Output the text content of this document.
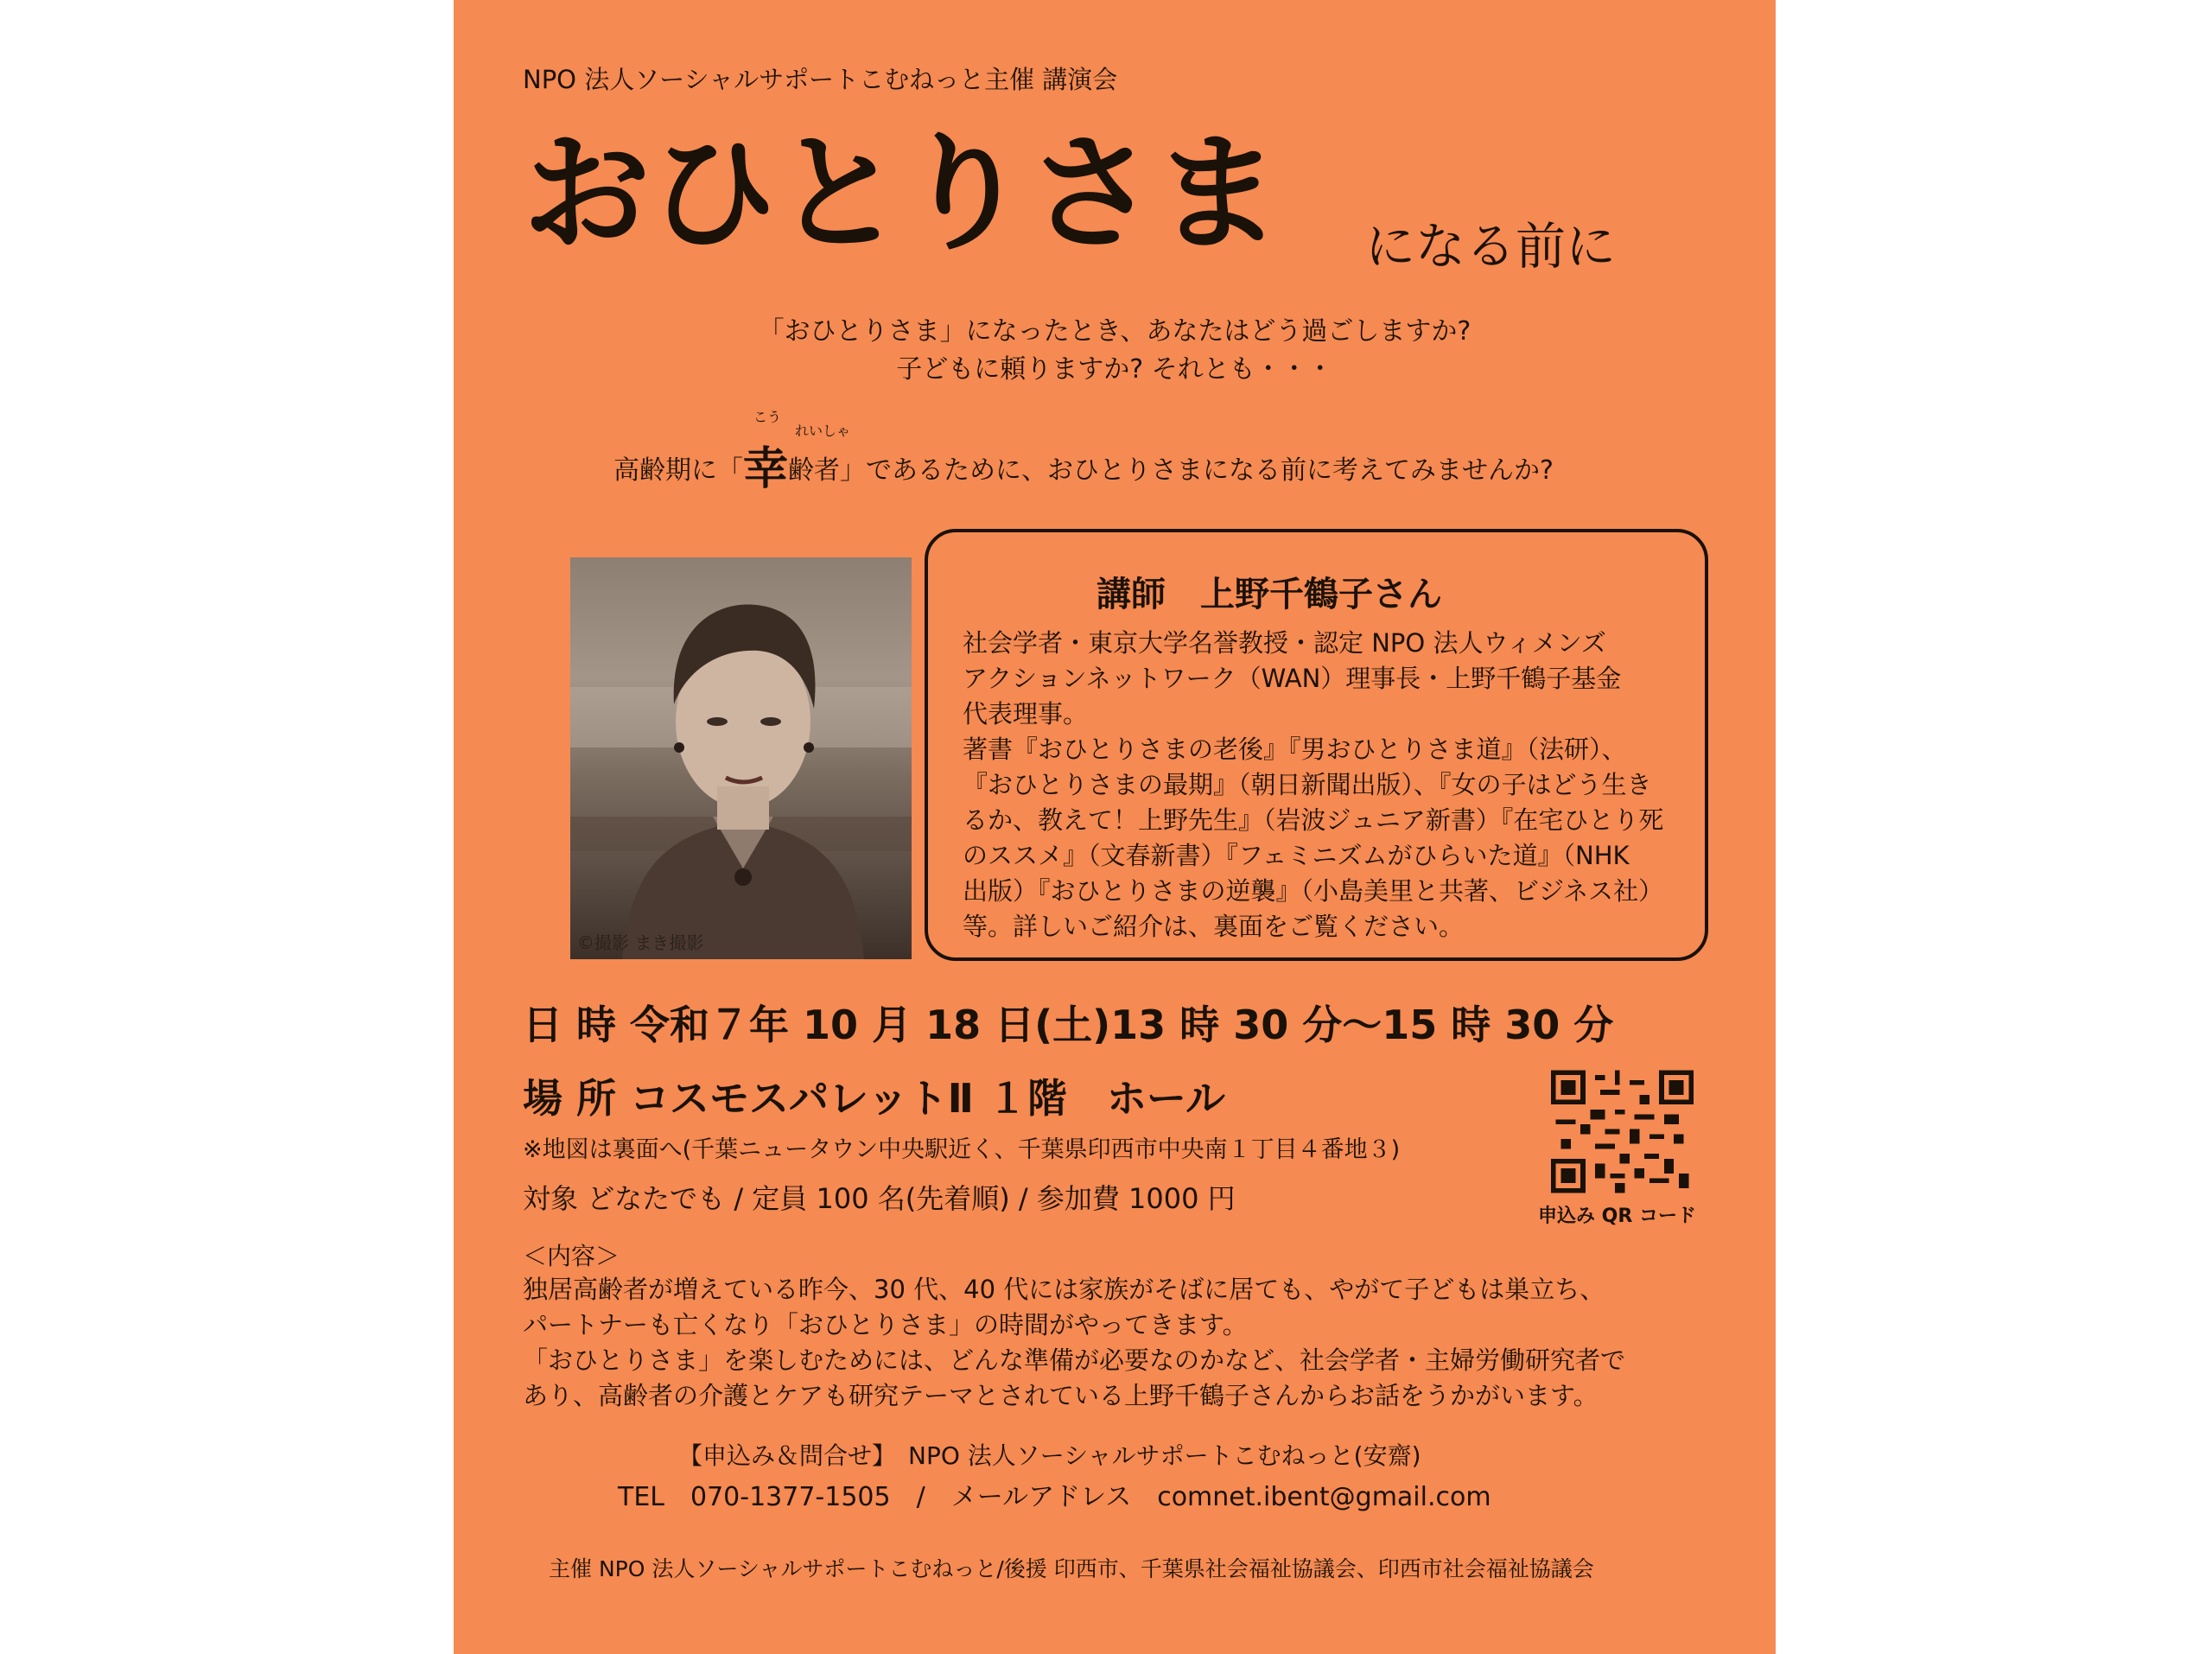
NPO 法人ソーシャルサポートこむねっと主催 講演会
おひとりさま になる前に
「おひとりさま」になったとき、あなたはどう過ごしますか?
子どもに頼りますか? それとも・・・
高齢期に「
こう
れいしゃ
幸齢者」であるために、おひとりさまになる前に考えてみませんか?
©撮影 まき撮影
講師　上野千鶴子さん
社会学者・東京大学名誉教授・認定 NPO 法人ウィメンズ
アクションネットワーク（WAN）理事長・上野千鶴子基金
代表理事。
著書『おひとりさまの老後』『男おひとりさま道』（法研）、
『おひとりさまの最期』（朝日新聞出版）、『女の子はどう生き
るか、教えて！上野先生』（岩波ジュニア新書）『在宅ひとり死
のススメ』（文春新書）『フェミニズムがひらいた道』（NHK
出版）『おひとりさまの逆襲』（小島美里と共著、ビジネス社）
等。詳しいご紹介は、裏面をご覧ください。
日 時 令和７年 10 月 18 日(土)13 時 30 分～15 時 30 分
場 所 コスモスパレットⅡ １階　ホール
※地図は裏面へ(千葉ニュータウン中央駅近く、千葉県印西市中央南１丁目４番地３)
対象 どなたでも / 定員 100 名(先着順) / 参加費 1000 円
申込み QR コード
＜内容＞
独居高齢者が増えている昨今、30 代、40 代には家族がそばに居ても、やがて子どもは巣立ち、
パートナーも亡くなり「おひとりさま」の時間がやってきます。
「おひとりさま」を楽しむためには、どんな準備が必要なのかなど、社会学者・主婦労働研究者で
あり、高齢者の介護とケアも研究テーマとされている上野千鶴子さんからお話をうかがいます。
【申込み＆問合せ】　NPO 法人ソーシャルサポートこむねっと(安齋)
TEL　070-1377-1505　/　メールアドレス　comnet.ibent@gmail.com
主催 NPO 法人ソーシャルサポートこむねっと/後援 印西市、千葉県社会福祉協議会、印西市社会福祉協議会
